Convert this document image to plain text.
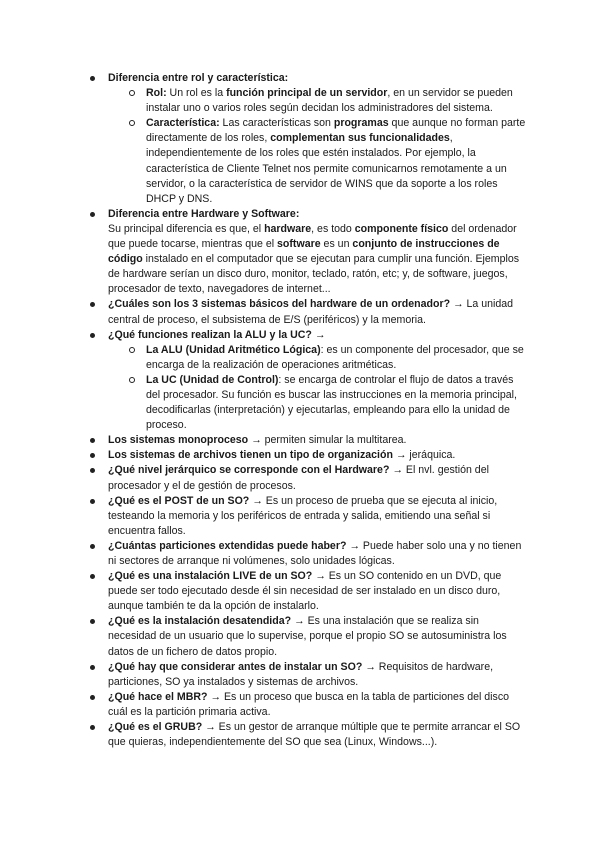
Diferencia entre rol y característica:
Rol: Un rol es la función principal de un servidor, en un servidor se pueden instalar uno o varios roles según decidan los administradores del sistema.
Característica: Las características son programas que aunque no forman parte directamente de los roles, complementan sus funcionalidades, independientemente de los roles que estén instalados. Por ejemplo, la característica de Cliente Telnet nos permite comunicarnos remotamente a un servidor, o la característica de servidor de WINS que da soporte a los roles DHCP y DNS.
Diferencia entre Hardware y Software:
Su principal diferencia es que, el hardware, es todo componente físico del ordenador que puede tocarse, mientras que el software es un conjunto de instrucciones de código instalado en el computador que se ejecutan para cumplir una función. Ejemplos de hardware serían un disco duro, monitor, teclado, ratón, etc; y, de software, juegos, procesador de texto, navegadores de internet...
¿Cuáles son los 3 sistemas básicos del hardware de un ordenador? → La unidad central de proceso, el subsistema de E/S (periféricos) y la memoria.
¿Qué funciones realizan la ALU y la UC? →
La ALU (Unidad Aritmético Lógica): es un componente del procesador, que se encarga de la realización de operaciones aritméticas.
La UC (Unidad de Control): se encarga de controlar el flujo de datos a través del procesador. Su función es buscar las instrucciones en la memoria principal, decodificarlas (interpretación) y ejecutarlas, empleando para ello la unidad de proceso.
Los sistemas monoproceso → permiten simular la multitarea.
Los sistemas de archivos tienen un tipo de organización → jeráquica.
¿Qué nivel jerárquico se corresponde con el Hardware? → El nvl. gestión del procesador y el de gestión de procesos.
¿Qué es el POST de un SO? → Es un proceso de prueba que se ejecuta al inicio, testeando la memoria y los periféricos de entrada y salida, emitiendo una señal si encuentra fallos.
¿Cuántas particiones extendidas puede haber? → Puede haber solo una y no tienen ni sectores de arranque ni volúmenes, solo unidades lógicas.
¿Qué es una instalación LIVE de un SO? → Es un SO contenido en un DVD, que puede ser todo ejecutado desde él sin necesidad de ser instalado en un disco duro, aunque también te da la opción de instalarlo.
¿Qué es la instalación desatendida? → Es una instalación que se realiza sin necesidad de un usuario que lo supervise, porque el propio SO se autosuministra los datos de un fichero de datos propio.
¿Qué hay que considerar antes de instalar un SO? → Requisitos de hardware, particiones, SO ya instalados y sistemas de archivos.
¿Qué hace el MBR? → Es un proceso que busca en la tabla de particiones del disco cuál es la partición primaria activa.
¿Qué es el GRUB? → Es un gestor de arranque múltiple que te permite arrancar el SO que quieras, independientemente del SO que sea (Linux, Windows...).
